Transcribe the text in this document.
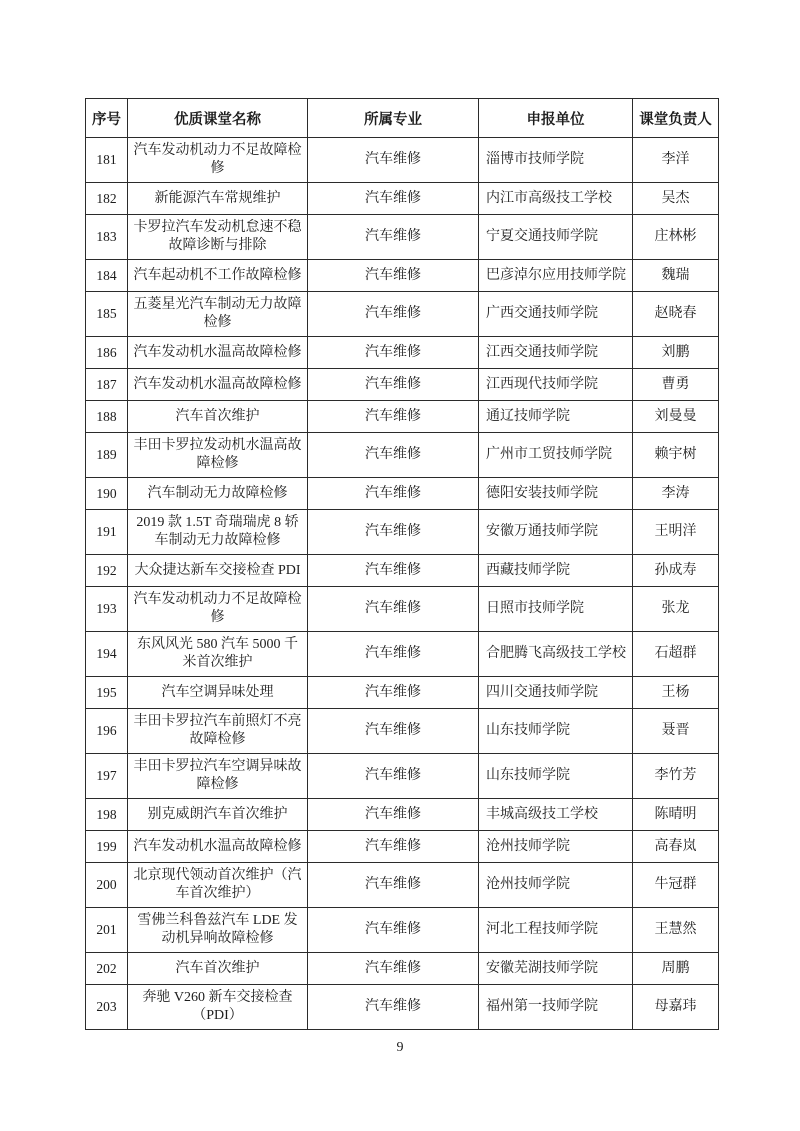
序号	优质课堂名称	所属专业	申报单位	课堂负责人
181	汽车发动机动力不足故障检修	汽车维修	淄博市技师学院	李洋
182	新能源汽车常规维护	汽车维修	内江市高级技工学校	吴杰
183	卡罗拉汽车发动机怠速不稳故障诊断与排除	汽车维修	宁夏交通技师学院	庄林彬
184	汽车起动机不工作故障检修	汽车维修	巴彦淖尔应用技师学院	魏瑞
185	五菱星光汽车制动无力故障检修	汽车维修	广西交通技师学院	赵晓春
186	汽车发动机水温高故障检修	汽车维修	江西交通技师学院	刘鹏
187	汽车发动机水温高故障检修	汽车维修	江西现代技师学院	曹勇
188	汽车首次维护	汽车维修	通辽技师学院	刘曼曼
189	丰田卡罗拉发动机水温高故障检修	汽车维修	广州市工贸技师学院	赖宇树
190	汽车制动无力故障检修	汽车维修	德阳安装技师学院	李涛
191	2019 款 1.5T 奇瑞瑞虎 8 轿车制动无力故障检修	汽车维修	安徽万通技师学院	王明洋
192	大众捷达新车交接检查 PDI	汽车维修	西藏技师学院	孙成寿
193	汽车发动机动力不足故障检修	汽车维修	日照市技师学院	张龙
194	东风风光 580 汽车 5000 千米首次维护	汽车维修	合肥腾飞高级技工学校	石超群
195	汽车空调异味处理	汽车维修	四川交通技师学院	王杨
196	丰田卡罗拉汽车前照灯不亮故障检修	汽车维修	山东技师学院	聂晋
197	丰田卡罗拉汽车空调异味故障检修	汽车维修	山东技师学院	李竹芳
198	别克威朗汽车首次维护	汽车维修	丰城高级技工学校	陈晴明
199	汽车发动机水温高故障检修	汽车维修	沧州技师学院	高春岚
200	北京现代领动首次维护（汽车首次维护）	汽车维修	沧州技师学院	牛冠群
201	雪佛兰科鲁兹汽车 LDE 发动机异响故障检修	汽车维修	河北工程技师学院	王慧然
202	汽车首次维护	汽车维修	安徽芜湖技师学院	周鹏
203	奔驰 V260 新车交接检查（PDI）	汽车维修	福州第一技师学院	母嘉玮
9
